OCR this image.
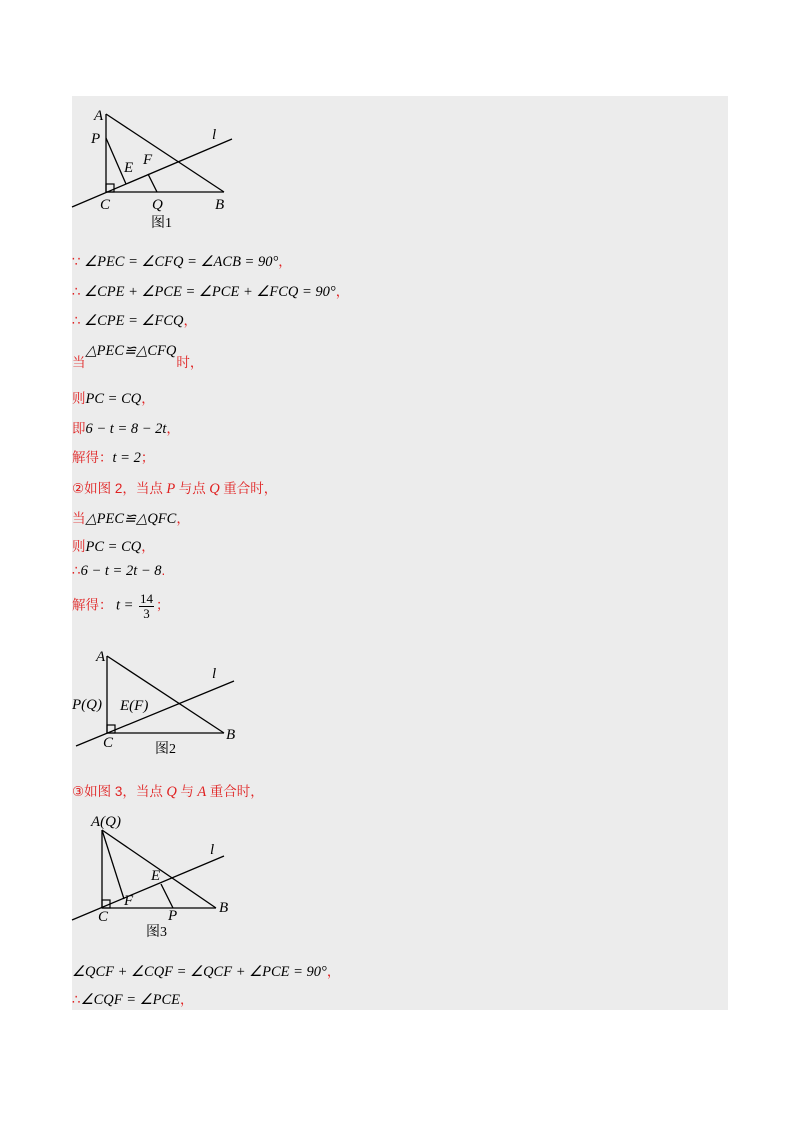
A
P
E F
l
C	Q	B
图1
∵ ∠PEC = ∠CFQ = ∠ACB = 90°，
∴ ∠CPE + ∠PCE = ∠PCE + ∠FCQ = 90°，
∴ ∠CPE = ∠FCQ，
当△PEC≌△CFQ时，
则PC = CQ，
即6 − t = 8 − 2t，
解得：t = 2；
②如图 2，当点 P 与点 Q 重合时，
当△PEC≌△QFC，
则PC = CQ，
∴6 − t = 2t − 8.
解得： $t = \frac{14}{3}$ ；
A
P(Q) E(F)
l
C	B
图2
③如图 3，当点 Q 与 A 重合时，
A(Q)
l
E
C
F
P	B
图3
∠QCF + ∠CQF = ∠QCF + ∠PCE = 90°，
∴∠CQF = ∠PCE，
